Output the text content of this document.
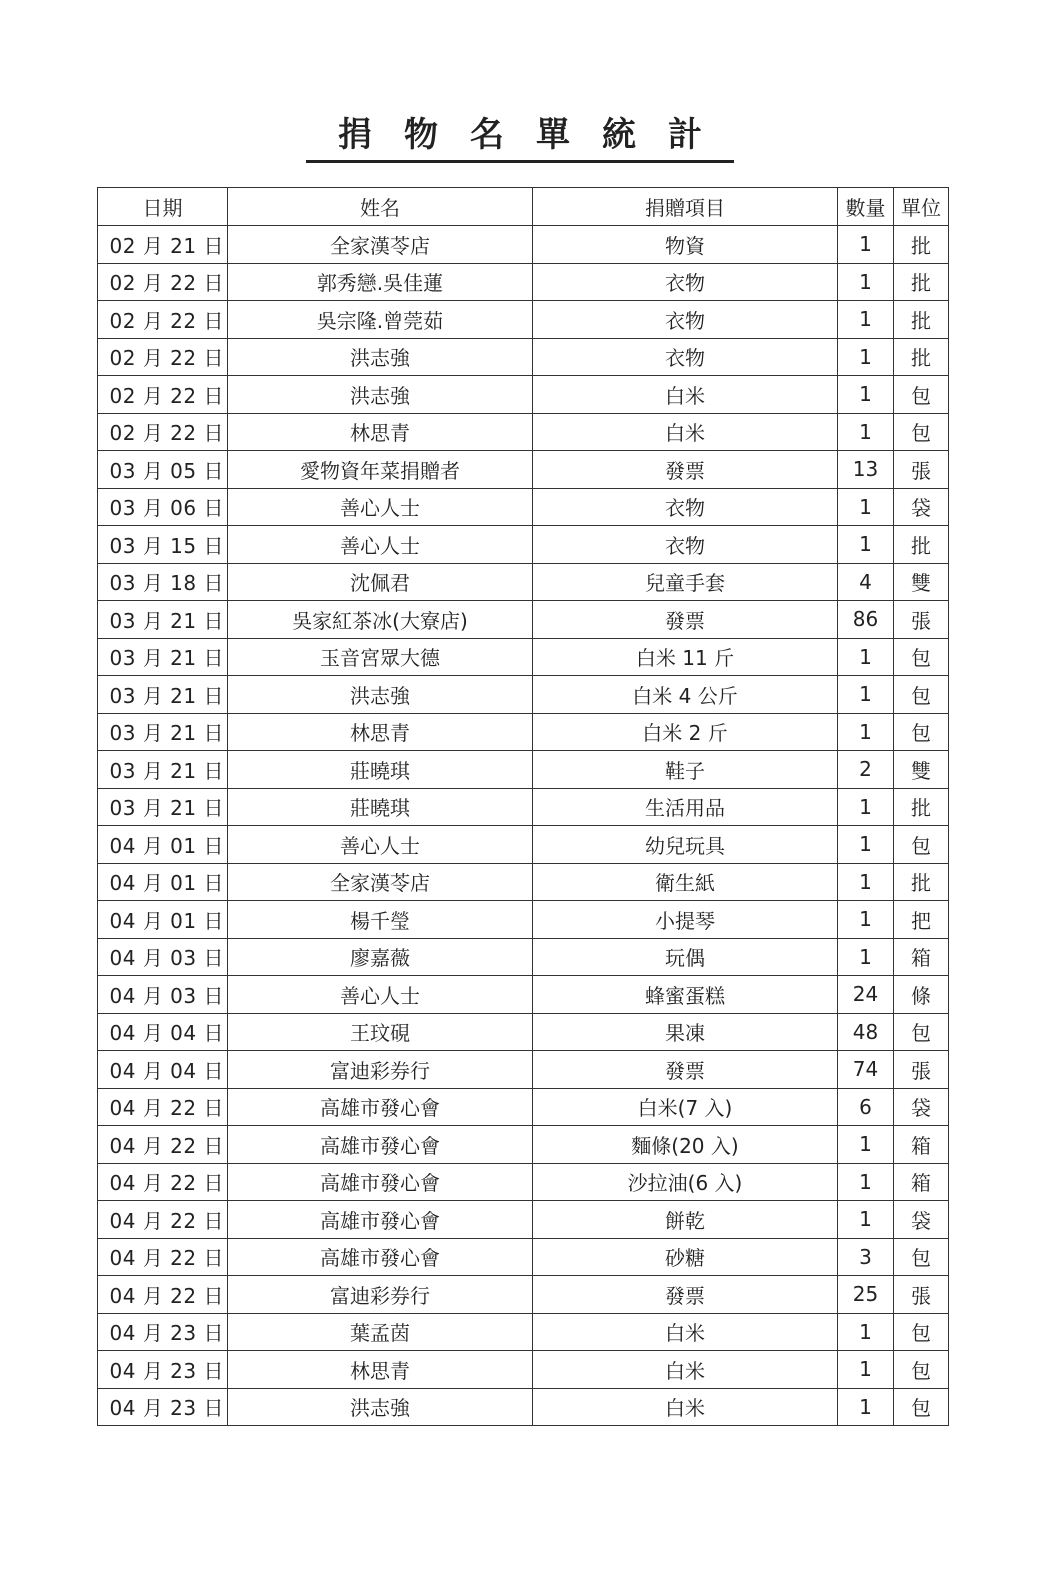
捐物名單統計
日期	姓名	捐贈項目	數量	單位
02 月 21 日	全家漢苓店	物資	1	批
02 月 22 日	郭秀戀.吳佳蓮	衣物	1	批
02 月 22 日	吳宗隆.曾莞茹	衣物	1	批
02 月 22 日	洪志強	衣物	1	批
02 月 22 日	洪志強	白米	1	包
02 月 22 日	林思青	白米	1	包
03 月 05 日	愛物資年菜捐贈者	發票	13	張
03 月 06 日	善心人士	衣物	1	袋
03 月 15 日	善心人士	衣物	1	批
03 月 18 日	沈佩君	兒童手套	4	雙
03 月 21 日	吳家紅茶冰(大寮店)	發票	86	張
03 月 21 日	玉音宮眾大德	白米 11 斤	1	包
03 月 21 日	洪志強	白米 4 公斤	1	包
03 月 21 日	林思青	白米 2 斤	1	包
03 月 21 日	莊曉琪	鞋子	2	雙
03 月 21 日	莊曉琪	生活用品	1	批
04 月 01 日	善心人士	幼兒玩具	1	包
04 月 01 日	全家漢苓店	衛生紙	1	批
04 月 01 日	楊千瑩	小提琴	1	把
04 月 03 日	廖嘉薇	玩偶	1	箱
04 月 03 日	善心人士	蜂蜜蛋糕	24	條
04 月 04 日	王玟硯	果凍	48	包
04 月 04 日	富迪彩券行	發票	74	張
04 月 22 日	高雄市發心會	白米(7 入)	6	袋
04 月 22 日	高雄市發心會	麵條(20 入)	1	箱
04 月 22 日	高雄市發心會	沙拉油(6 入)	1	箱
04 月 22 日	高雄市發心會	餅乾	1	袋
04 月 22 日	高雄市發心會	砂糖	3	包
04 月 22 日	富迪彩券行	發票	25	張
04 月 23 日	葉孟茵	白米	1	包
04 月 23 日	林思青	白米	1	包
04 月 23 日	洪志強	白米	1	包
